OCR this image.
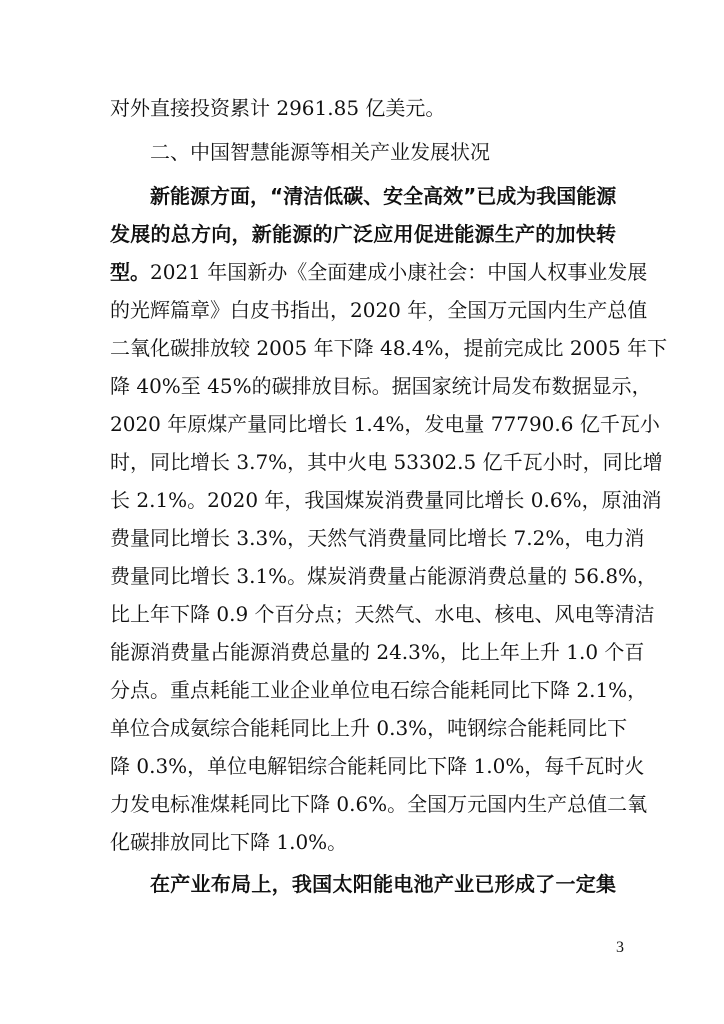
对外直接投资累计 2961.85 亿美元。
二、中国智慧能源等相关产业发展状况
新能源方面，“清洁低碳、安全高效”已成为我国能源
发展的总方向，新能源的广泛应用促进能源生产的加快转
型。2021 年国新办《全面建成小康社会：中国人权事业发展
的光辉篇章》白皮书指出，2020 年，全国万元国内生产总值
二氧化碳排放较 2005 年下降 48.4%，提前完成比 2005 年下
降 40%至 45%的碳排放目标。据国家统计局发布数据显示，
2020 年原煤产量同比增长 1.4%，发电量 77790.6 亿千瓦小
时，同比增长 3.7%，其中火电 53302.5 亿千瓦小时，同比增
长 2.1%。2020 年，我国煤炭消费量同比增长 0.6%，原油消
费量同比增长 3.3%，天然气消费量同比增长 7.2%，电力消
费量同比增长 3.1%。煤炭消费量占能源消费总量的 56.8%，
比上年下降 0.9 个百分点；天然气、水电、核电、风电等清洁
能源消费量占能源消费总量的 24.3%，比上年上升 1.0 个百
分点。重点耗能工业企业单位电石综合能耗同比下降 2.1%，
单位合成氨综合能耗同比上升 0.3%，吨钢综合能耗同比下
降 0.3%，单位电解铝综合能耗同比下降 1.0%，每千瓦时火
力发电标准煤耗同比下降 0.6%。全国万元国内生产总值二氧
化碳排放同比下降 1.0%。
在产业布局上，我国太阳能电池产业已形成了一定集
3
